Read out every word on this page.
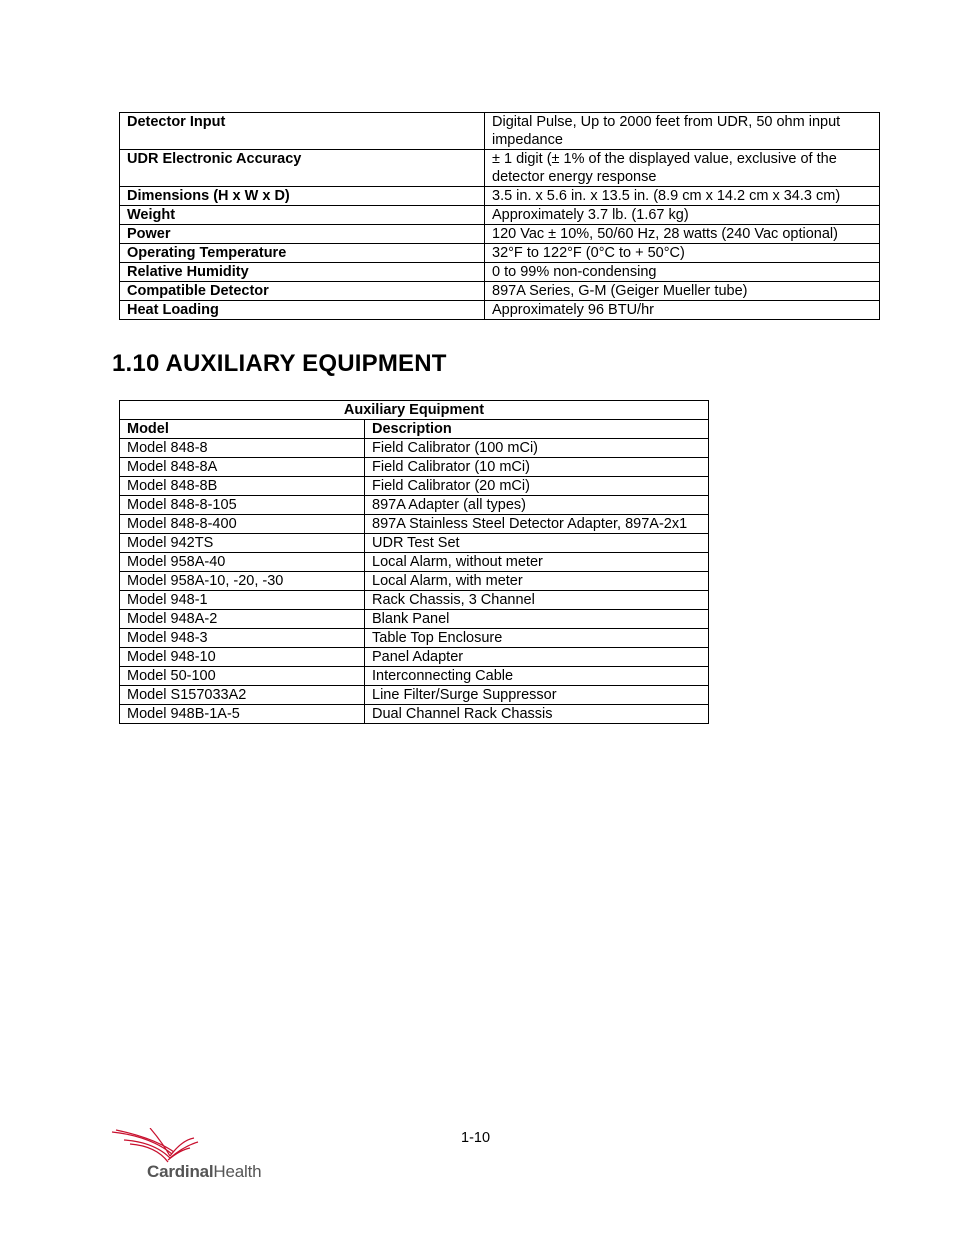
Detector Input	Digital Pulse, Up to 2000 feet from UDR, 50 ohm input impedance
UDR Electronic Accuracy	± 1 digit (± 1% of the displayed value, exclusive of the detector energy response
Dimensions (H x W x D)	3.5 in. x 5.6 in. x 13.5 in. (8.9 cm x 14.2 cm x 34.3 cm)
Weight	Approximately 3.7 lb. (1.67 kg)
Power	120 Vac ± 10%, 50/60 Hz, 28 watts (240 Vac optional)
Operating Temperature	32°F to 122°F (0°C to + 50°C)
Relative Humidity	0 to 99% non-condensing
Compatible Detector	897A Series, G-M (Geiger Mueller tube)
Heat Loading	Approximately 96 BTU/hr
1.10 AUXILIARY EQUIPMENT
Auxiliary Equipment	
Model	Description
Model 848-8	Field Calibrator (100 mCi)
Model 848-8A	Field Calibrator (10 mCi)
Model 848-8B	Field Calibrator (20 mCi)
Model 848-8-105	897A Adapter (all types)
Model 848-8-400	897A Stainless Steel Detector Adapter, 897A-2x1
Model 942TS	UDR Test Set
Model 958A-40	Local Alarm, without meter
Model 958A-10, -20, -30	Local Alarm, with meter
Model 948-1	Rack Chassis, 3 Channel
Model 948A-2	Blank Panel
Model 948-3	Table Top Enclosure
Model 948-10	Panel Adapter
Model 50-100	Interconnecting Cable
Model S157033A2	Line Filter/Surge Suppressor
Model 948B-1A-5	Dual Channel Rack Chassis
1-10
CardinalHealth
